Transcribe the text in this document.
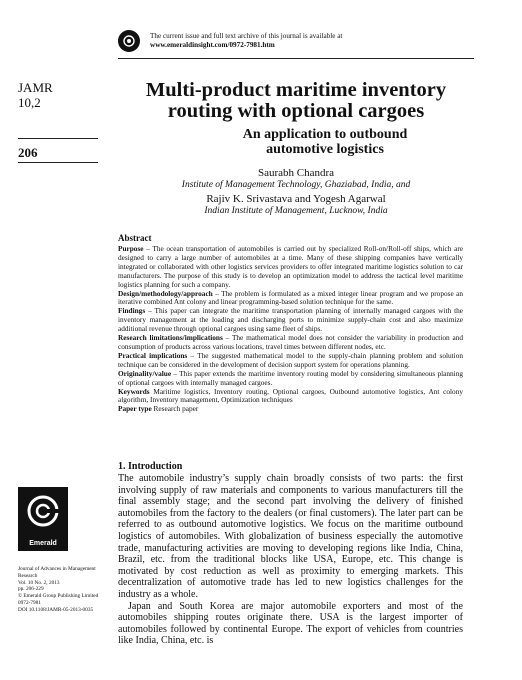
The current issue and full text archive of this journal is available at
www.emeraldinsight.com/0972-7981.htm
JAMR
10,2
206
Multi-product maritime inventory
routing with optional cargoes
An application to outbound
automotive logistics
Saurabh Chandra
Institute of Management Technology, Ghaziabad, India, and
Rajiv K. Srivastava and Yogesh Agarwal
Indian Institute of Management, Lucknow, India
Abstract

Purpose – The ocean transportation of automobiles is carried out by specialized Roll-on/Roll-off ships, which are designed to carry a large number of automobiles at a time. Many of these shipping companies have vertically integrated or collaborated with other logistics services providers to offer integrated maritime logistics solution to car manufacturers. The purpose of this study is to develop an optimization model to address the tactical level maritime logistics planning for such a company.

Design/methodology/approach – The problem is formulated as a mixed integer linear program and we propose an iterative combined Ant colony and linear programming-based solution technique for the same.

Findings – This paper can integrate the maritime transportation planning of internally managed cargoes with the inventory management at the loading and discharging ports to minimize supply-chain cost and also maximize additional revenue through optional cargoes using same fleet of ships.

Research limitations/implications – The mathematical model does not consider the variability in production and consumption of products across various locations, travel times between different nodes, etc.

Practical implications – The suggested mathematical model to the supply-chain planning problem and solution technique can be considered in the development of decision support system for operations planning.

Originality/value – This paper extends the maritime inventory routing model by considering simultaneous planning of optional cargoes with internally managed cargoes.

Keywords Maritime logistics, Inventory routing, Optional cargoes, Outbound automotive logistics, Ant colony algorithm, Inventory management, Optimization techniques

Paper type Research paper

1. Introduction

The automobile industry’s supply chain broadly consists of two parts: the first involving supply of raw materials and components to various manufacturers till the final assembly stage; and the second part involving the delivery of finished automobiles from the factory to the dealers (or final customers). The later part can be referred to as outbound automotive logistics. We focus on the maritime outbound logistics of automobiles. With globalization of business especially the automotive trade, manufacturing activities are moving to developing regions like India, China, Brazil, etc. from the traditional blocks like USA, Europe, etc. This change is motivated by cost reduction as well as proximity to emerging markets. This decentralization of automotive trade has led to new logistics challenges for the industry as a whole.

Japan and South Korea are major automobile exporters and most of the automobiles shipping routes originate there. USA is the largest importer of automobiles followed by continental Europe. The export of vehicles from countries like India, China, etc. is

Emerald
Journal of Advances in Management
Research
Vol. 10 No. 2, 2013
pp. 206-229
© Emerald Group Publishing Limited
0972-7981
DOI 10.1108/JAMR-05-2013-0035
